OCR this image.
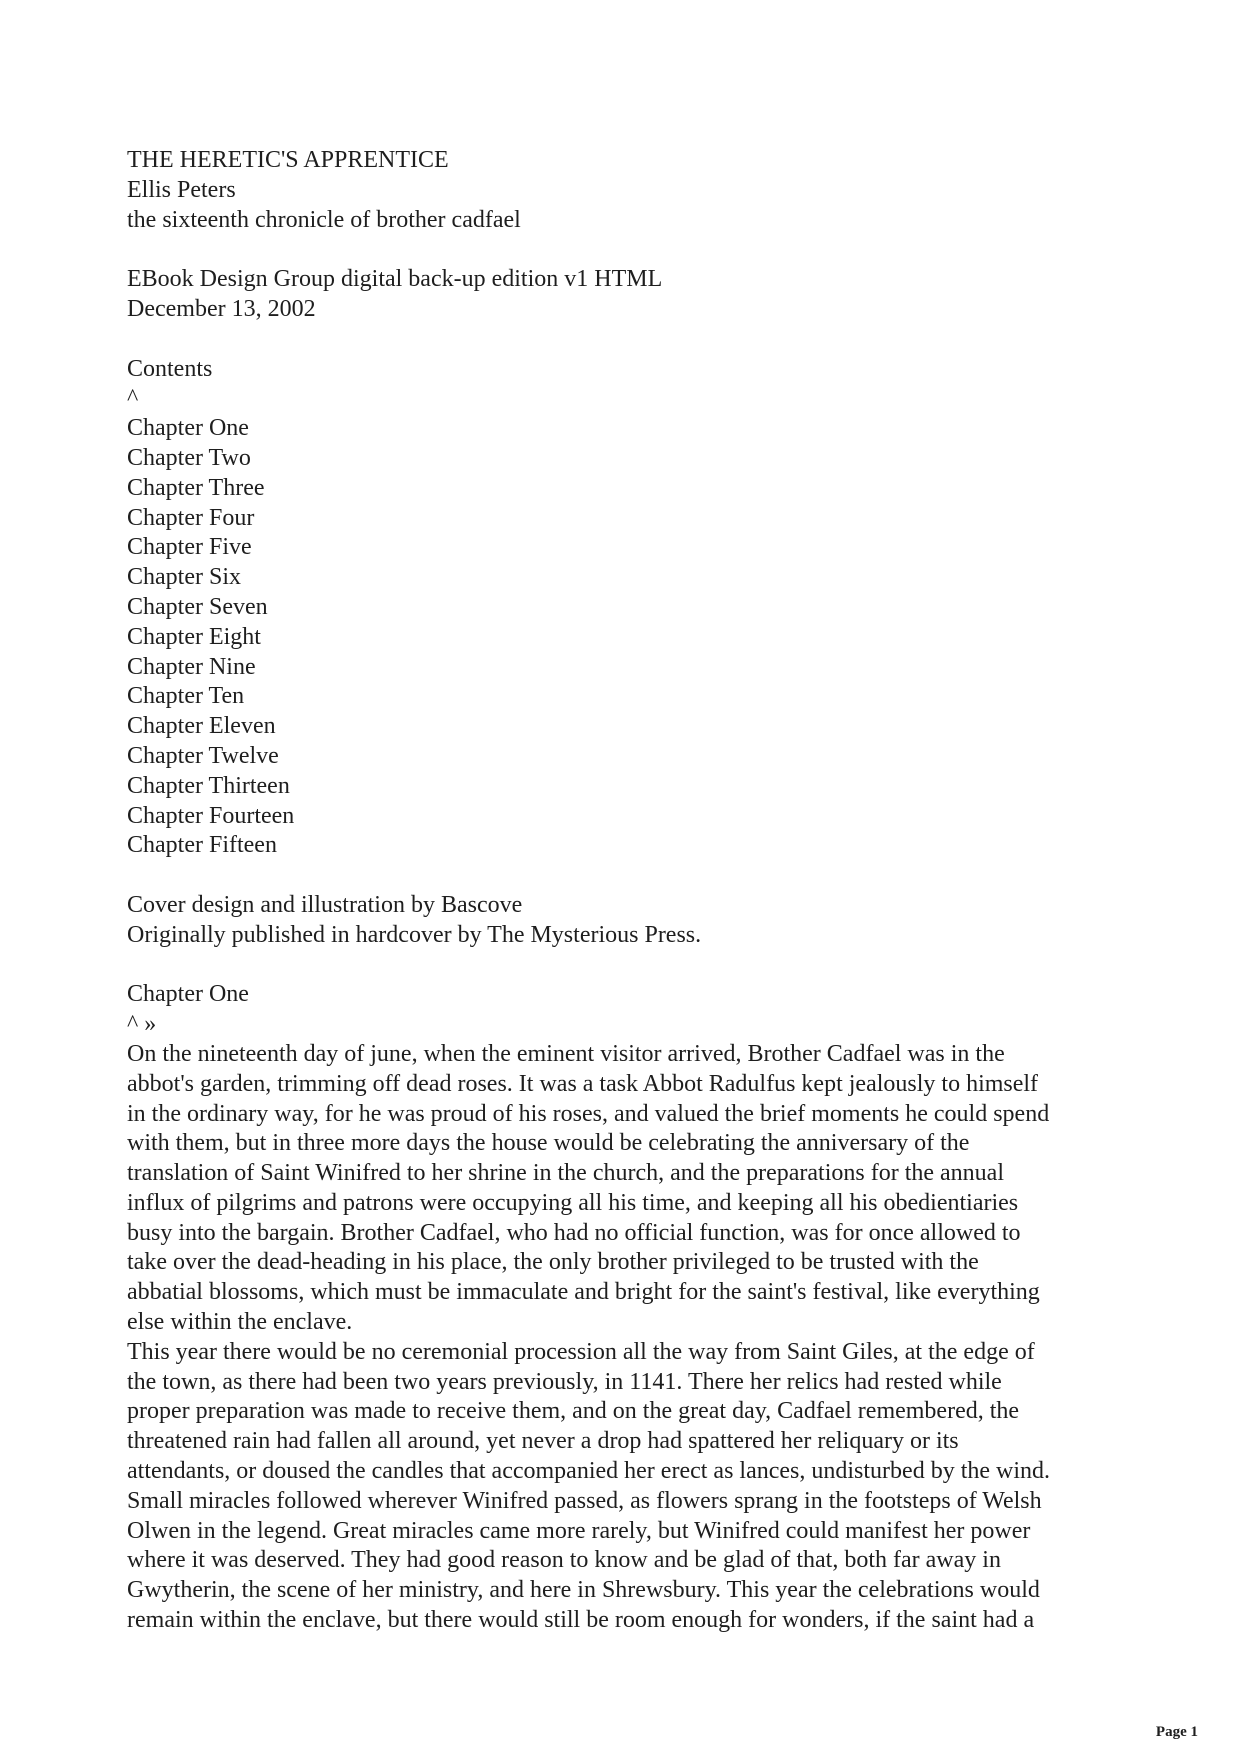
THE HERETIC'S APPRENTICE
Ellis Peters
the sixteenth chronicle of brother cadfael
EBook Design Group digital back-up edition v1 HTML
December 13, 2002
Contents
^
Chapter One
Chapter Two
Chapter Three
Chapter Four
Chapter Five
Chapter Six
Chapter Seven
Chapter Eight
Chapter Nine
Chapter Ten
Chapter Eleven
Chapter Twelve
Chapter Thirteen
Chapter Fourteen
Chapter Fifteen
Cover design and illustration by Bascove
Originally published in hardcover by The Mysterious Press.
Chapter One
^ »
On the nineteenth day of june, when the eminent visitor arrived, Brother Cadfael was in the
abbot's garden, trimming off dead roses. It was a task Abbot Radulfus kept jealously to himself
in the ordinary way, for he was proud of his roses, and valued the brief moments he could spend
with them, but in three more days the house would be celebrating the anniversary of the
translation of Saint Winifred to her shrine in the church, and the preparations for the annual
influx of pilgrims and patrons were occupying all his time, and keeping all his obedientiaries
busy into the bargain. Brother Cadfael, who had no official function, was for once allowed to
take over the dead-heading in his place, the only brother privileged to be trusted with the
abbatial blossoms, which must be immaculate and bright for the saint's festival, like everything
else within the enclave.
This year there would be no ceremonial procession all the way from Saint Giles, at the edge of
the town, as there had been two years previously, in 1141. There her relics had rested while
proper preparation was made to receive them, and on the great day, Cadfael remembered, the
threatened rain had fallen all around, yet never a drop had spattered her reliquary or its
attendants, or doused the candles that accompanied her erect as lances, undisturbed by the wind.
Small miracles followed wherever Winifred passed, as flowers sprang in the footsteps of Welsh
Olwen in the legend. Great miracles came more rarely, but Winifred could manifest her power
where it was deserved. They had good reason to know and be glad of that, both far away in
Gwytherin, the scene of her ministry, and here in Shrewsbury. This year the celebrations would
remain within the enclave, but there would still be room enough for wonders, if the saint had a
Page 1
